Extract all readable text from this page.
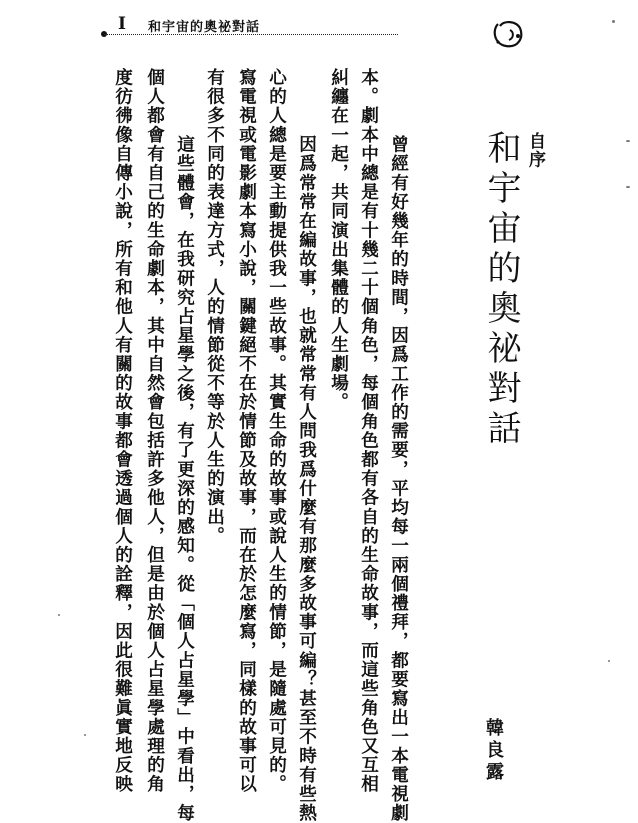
I 和宇宙的奧祕對話
自序
和宇宙的奧祕對話
韓良露
　曾經有好幾年的時間，因爲工作的需要，平均每一兩個禮拜，都要寫出一本電視劇
本。劇本中總是有十幾二十個角色，每個角色都有各自的生命故事，而這些角色又互相
糾纏在一起，共同演出集體的人生劇場。
　因爲常常在編故事，也就常常有人問我爲什麼有那麼多故事可編？甚至不時有些熱
心的人總是要主動提供我一些故事。其實生命的故事或說人生的情節，是隨處可見的。
寫電視或電影劇本寫小說，關鍵絕不在於情節及故事，而在於怎麼寫，同樣的故事可以
有很多不同的表達方式，人的情節從不等於人生的演出。
　這些體會，在我研究占星學之後，有了更深的感知。從「個人占星學」中看出，每
個人都會有自己的生命劇本，其中自然會包括許多他人，但是由於個人占星學處理的角
度彷彿像自傳小說，所有和他人有關的故事都會透過個人的詮釋，因此很難眞實地反映
